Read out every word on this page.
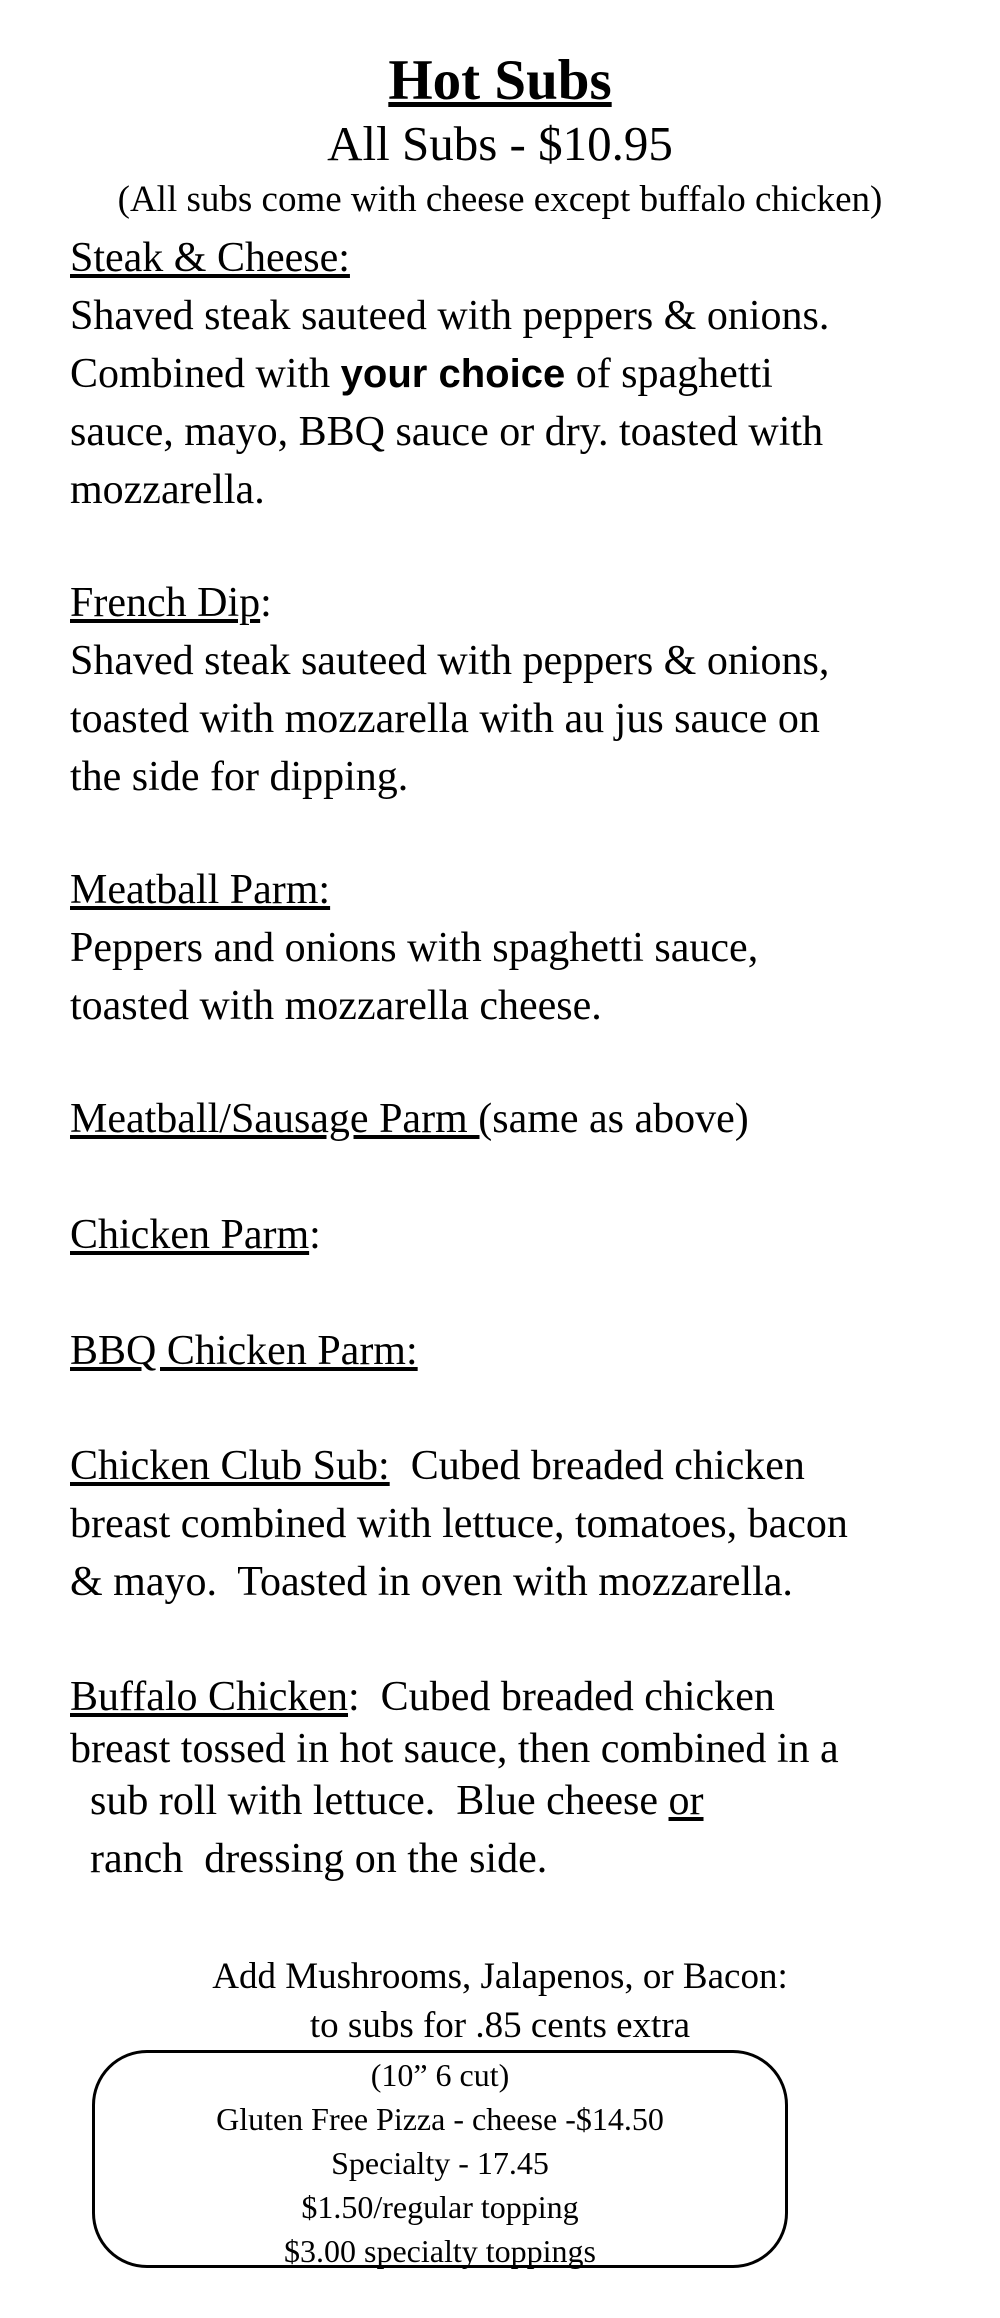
Hot Subs
All Subs - $10.95
(All subs come with cheese except buffalo chicken)
Steak & Cheese:
Shaved steak sauteed with peppers & onions.
Combined with your choice of spaghetti
sauce, mayo, BBQ sauce or dry. toasted with
mozzarella.
French Dip:
Shaved steak sauteed with peppers & onions,
toasted with mozzarella with au jus sauce on
the side for dipping.
Meatball Parm:
Peppers and onions with spaghetti sauce,
toasted with mozzarella cheese.
Meatball/Sausage Parm (same as above)
Chicken Parm:
BBQ Chicken Parm:
Chicken Club Sub:  Cubed breaded chicken
breast combined with lettuce, tomatoes, bacon
& mayo.  Toasted in oven with mozzarella.
Buffalo Chicken:  Cubed breaded chicken
breast tossed in hot sauce, then combined in a
sub roll with lettuce.  Blue cheese or
ranch  dressing on the side.
Add Mushrooms, Jalapenos, or Bacon:
to subs for .85 cents extra
(10” 6 cut)
Gluten Free Pizza - cheese -$14.50
Specialty - 17.45
$1.50/regular topping
$3.00 specialty toppings
